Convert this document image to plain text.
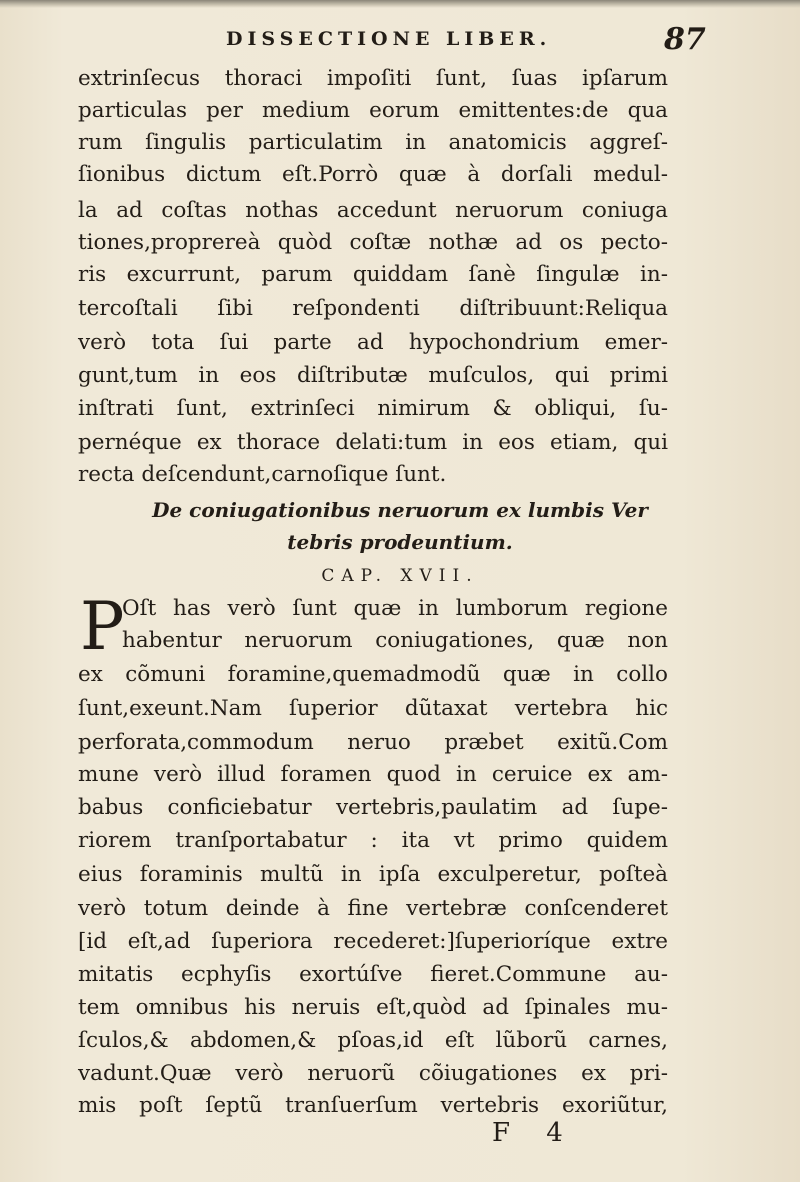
DISSECTIONE LIBER.	87
extrinſecus thoraci impoſiti ſunt, ſuas ipſarum
particulas per medium eorum emittentes:de qua
rum ſingulis particulatim in anatomicis aggreſ-
ſionibus dictum eſt.Porrò quæ à dorſali medul-
la ad coſtas nothas accedunt neruorum coniuga
tiones,proprereà quòd coſtæ nothæ ad os pecto-
ris excurrunt, parum quiddam ſanè ſingulæ in-
tercoſtali ſibi reſpondenti diſtribuunt:Reliqua
verò tota ſui parte ad hypochondrium emer-
gunt,tum in eos diſtributæ muſculos, qui primi
inſtrati ſunt, extrinſeci nimirum & obliqui, ſu-
pernéque ex thorace delati:tum in eos etiam, qui
recta deſcendunt,carnoſique ſunt.
De coniugationibus neruorum ex lumbis Ver
tebris prodeuntium.
CAP. XVII.
P
Oſt has verò ſunt quæ in lumborum regione
habentur neruorum coniugationes, quæ non
ex cõmuni foramine,quemadmodũ quæ in collo
ſunt,exeunt.Nam ſuperior dũtaxat vertebra hic
perforata,commodum neruo præbet exitũ.Com
mune verò illud foramen quod in ceruice ex am-
babus conficiebatur vertebris,paulatim ad ſupe-
riorem tranſportabatur : ita vt primo quidem
eius foraminis multũ in ipſa exculperetur, poſteà
verò totum deinde à fine vertebræ conſcenderet
[id eſt,ad ſuperiora recederet:]ſuperioríque extre
mitatis ecphyſis exortúſve fieret.Commune au-
tem omnibus his neruis eſt,quòd ad ſpinales mu-
ſculos,& abdomen,& pſoas,id eſt lũborũ carnes,
vadunt.Quæ verò neruorũ cõiugationes ex pri-
mis poſt ſeptũ tranſuerſum vertebris exoriũtur,
F 4
